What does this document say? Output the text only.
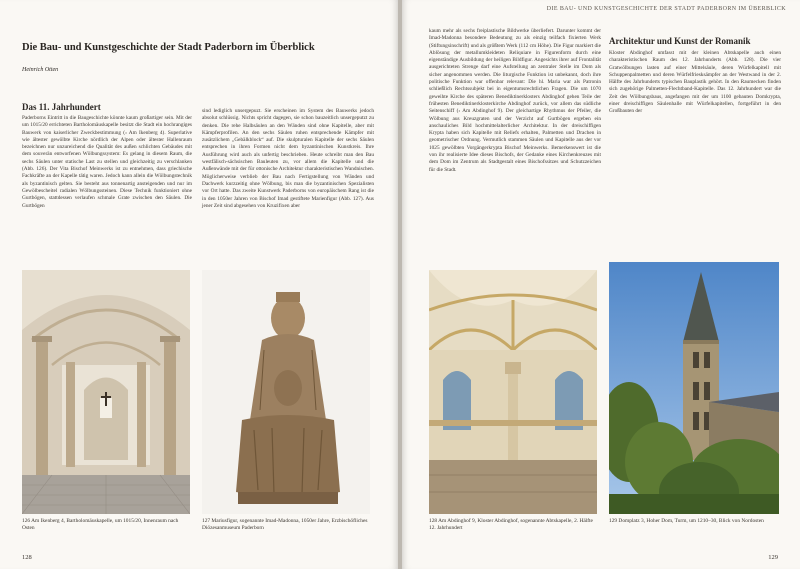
Die Bau- und Kunstgeschichte der Stadt Paderborn im Überblick
Heinrich Otten
Das 11. Jahrhundert

Paderborns Eintritt in die Baugeschichte könnte kaum großartiger sein. Mit der um 1015/20 errichteten Bartholomäuskapelle besitzt die Stadt ein hochrangiges Bauwerk von kaiserlicher Zweckbestimmung (› Am Ikenberg 4). Superlative wie ältester gewölbte Kirche nördlich der Alpen oder ältester Hallenraum bezeichnen nur unzureichend die Qualität des außen schlichten Gebäudes mit dem souverän entworfenen Wölbungssystem: Es gelang in diesem Raum, die sechs Säulen unter statische Last zu stellen und gleichzeitig zu verschlanken (Abb. 126). Der Vita Bischof Meinwerks ist zu entnehmen, dass griechische Fachkräfte an der Kapelle tätig waren. Jedoch kann allein die Wölbungstechnik als byzantinisch gelten. Sie besteht aus tonnenartig ansteigenden und nur im Gewölbescheitel radialen Wölbungssteinen. Diese Technik funktioniert ohne Gurtbögen, stattdessen verlaufen schmale Grate zwischen den Säulen. Die Gurtbögen

sind lediglich unsergepuzt. Sie erscheinen im System des Bauwerks jedoch absolut schlüssig. Nichts spricht dagegen, sie schon bauzeitlich unsergeputzt zu denken. Die rehe Halbsäulen an den Wänden sind ohne Kapitelle, aber mit Kämpferprofilen. An den sechs Säulen ruhen entsprechende Kämpfer mit zusätzlichem „Gebälkblock“ auf. Die skulpturalen Kapitelle der sechs Säulen entsprechen in ihren Formen nicht dem byzantinischen Kunstkreis. Ihre Ausführung wird auch als unfertig beschrieben. Heute schreibt man den Bau westfälisch-sächsischen Bauleuten zu, vor allem die Kapitelle und die Außenwände mit der für ottonische Architektur charakteristischen Wandnischen. Möglicherweise verblieb der Bau nach Fertigstellung von Wänden und Dachwerk kurzzeitig ohne Wölbung, bis man die byzantinischen Spezialisten vor Ort hatte. Das zweite Kunstwerk Paderborns von europäischem Rang ist die in den 1050er Jahren von Bischof Imad gestiftete Marienfigur (Abb. 127). Aus jener Zeit sind abgesehen von Kruzifixen aber

126 Am Ikenberg 4, Bartholomäuskapelle, um 1015/20, Innenraum nach Osten
127 Mariusfigur, sogenannte Imad-Madonna, 1050er Jahre, Erzbischöfliches Diözesanmuseum Paderborn
128
DIE BAU- UND KUNSTGESCHICHTE DER STADT PADERBORN IM ÜBERBLICK

kaum mehr als sechs freiplastische Bildwerke überliefert. Darunter kommt der Imad-Madonna besondere Bedeutung zu als einzig teilfach fixierten Werk (Stiftungsinschrift) und als größtem Werk (112 cm Höhe). Die Figur markiert die Ablösung der metallumkleideten Reliquiare in Figurenform durch eine eigenständige Ausbildung der heiligen Bildfigur. Angesichts ihrer auf Frontalität ausgerichteten Strenge darf eine Aufstellung an zentraler Stelle im Dom als sicher angenommen werden. Die liturgische Funktion ist unbekannt, doch ihre politische Funktion war offenbar relevant: Die hl. Maria war als Patronin schließlich Rechtssubjekt bei in eigentumsrechtlichen Fragen. Die um 1070 geweihte Kirche des späteren Benediktinerklosters Abdinghof gehen Teile der frühesten Benediktinerklosterkirche Abdinghof zurück, vor allem das südliche Seitenschiff (› Am Abdinghof 9). Der gleichartige Rhythmus der Pfeiler, die Wölbung aus Kreuzgraten und der Verzicht auf Gurtbögen ergeben ein anschauliches Bild hochmittelalterlicher Architektur. In der dreischiffigen Krypta haben sich Kapitelle mit Reliefs erhalten, Palmetten und Drachen in geometrischer Ordnung. Vermutlich stammen Säulen und Kapitelle aus der vor 1025 gewölbten Vorgängerkrypta Bischof Meinwerks. Bemerkenswert ist die von ihr realisierte Idee dieses Bischofs, der Gedanke eines Kirchenkreuzes mit dem Dom im Zentrum als Stadtgestalt eines Bischofssitzes und Schutzzeichen für die Stadt.

Architektur und Kunst der Romanik

Kloster Abdinghof umfasst mit der kleinen Abtskapelle auch einen charakteristischen Raum des 12. Jahrhunderts (Abb. 128). Die vier Gratwölbungen lasten auf einer Mittelsäule, deren Würfelkapitell mit Schuppenpalmetten und deren Würfelfriesksämpfer an der Westwand in der 2. Hälfte des Jahrhunderts typischen Bauplastik gehört. In den Raumecken finden sich zugehörige Palmetten-Flechtband-Kapitelle. Das 12. Jahrhundert war die Zeit des Wölbungsbaus, angefangen mit der um 1100 gebauten Domkrypta, einer dreischiffigen Säulenhalle mit Würfelkapitellen, fortgeführt in den Großbauten der

128 Am Abdinghof 9, Kloster Abdinghof, sogenannte Abtskapelle, 2. Hälfte 12. Jahrhundert
129 Domplatz 3, Hoher Dom, Turm, um 1210–30, Blick von Nordosten
129
